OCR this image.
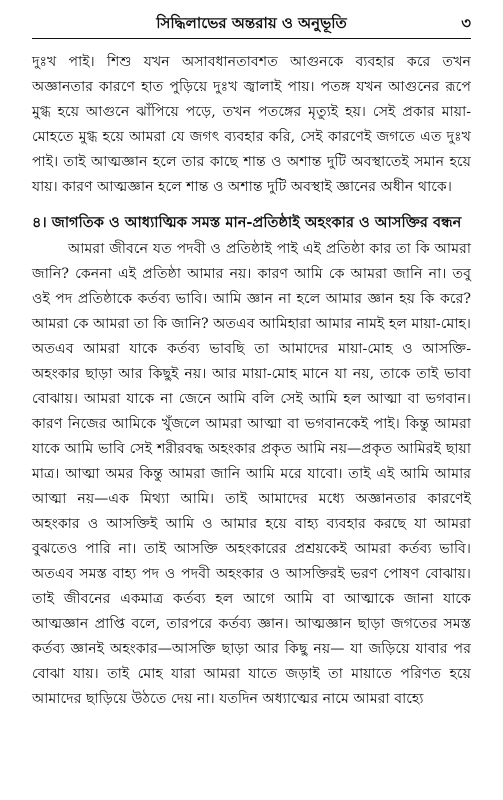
সিদ্ধিলাভের অন্তরায় ও অনুভূতি	৩

দুঃখ পাই। শিশু যখন অসাবধানতাবশত আগুনকে ব্যবহার করে তখন অজ্ঞানতার কারণে হাত পুড়িয়ে দুঃখ জ্বালাই পায়। পতঙ্গ যখন আগুনের রূপে মুগ্ধ হয়ে আগুনে ঝাঁপিয়ে পড়ে, তখন পতঙ্গের মৃত্যুই হয়। সেই প্রকার মায়া-মোহতে মুগ্ধ হয়ে আমরা যে জগৎ ব্যবহার করি, সেই কারণেই জগতে এত দুঃখ পাই। তাই আত্মজ্ঞান হলে তার কাছে শান্ত ও অশান্ত দুটি অবস্থাতেই সমান হয়ে যায়। কারণ আত্মজ্ঞান হলে শান্ত ও অশান্ত দুটি অবস্থাই জ্ঞানের অধীন থাকে।

৪। জাগতিক ও আধ্যাত্মিক সমস্ত মান-প্রতিষ্ঠাই অহংকার ও আসক্তির বন্ধন

আমরা জীবনে যত পদবী ও প্রতিষ্ঠাই পাই এই প্রতিষ্ঠা কার তা কি আমরা জানি? কেননা এই প্রতিষ্ঠা আমার নয়। কারণ আমি কে আমরা জানি না। তবু ওই পদ প্রতিষ্ঠাকে কর্তব্য ভাবি। আমি জ্ঞান না হলে আমার জ্ঞান হয় কি করে? আমরা কে আমরা তা কি জানি? অতএব আমিহারা আমার নামই হল মায়া-মোহ। অতএব আমরা যাকে কর্তব্য ভাবছি তা আমাদের মায়া-মোহ ও আসক্তি-অহংকার ছাড়া আর কিছুই নয়। আর মায়া-মোহ মানে যা নয়, তাকে তাই ভাবা বোঝায়। আমরা যাকে না জেনে আমি বলি সেই আমি হল আত্মা বা ভগবান। কারণ নিজের আমিকে খুঁজলে আমরা আত্মা বা ভগবানকেই পাই। কিন্তু আমরা যাকে আমি ভাবি সেই শরীরবদ্ধ অহংকার প্রকৃত আমি নয়—প্রকৃত আমিরই ছায়া মাত্র। আত্মা অমর কিন্তু আমরা জানি আমি মরে যাবো। তাই এই আমি আমার আত্মা নয়—এক মিথ্যা আমি। তাই আমাদের মধ্যে অজ্ঞানতার কারণেই অহংকার ও আসক্তিই আমি ও আমার হয়ে বাহ্য ব্যবহার করছে যা আমরা বুঝতেও পারি না। তাই আসক্তি অহংকারের প্রশ্রয়কেই আমরা কর্তব্য ভাবি। অতএব সমস্ত বাহ্য পদ ও পদবী অহংকার ও আসক্তিরই ভরণ পোষণ বোঝায়। তাই জীবনের একমাত্র কর্তব্য হল আগে আমি বা আত্মাকে জানা যাকে আত্মজ্ঞান প্রাপ্তি বলে, তারপরে কর্তব্য জ্ঞান। আত্মজ্ঞান ছাড়া জগতের সমস্ত কর্তব্য জ্ঞানই অহংকার—আসক্তি ছাড়া আর কিছু নয়— যা জড়িয়ে যাবার পর বোঝা যায়। তাই মোহ যারা আমরা যাতে জড়াই তা মায়াতে পরিণত হয়ে আমাদের ছাড়িয়ে উঠতে দেয় না। যতদিন অধ্যাত্মের নামে আমরা বাহ্যে
